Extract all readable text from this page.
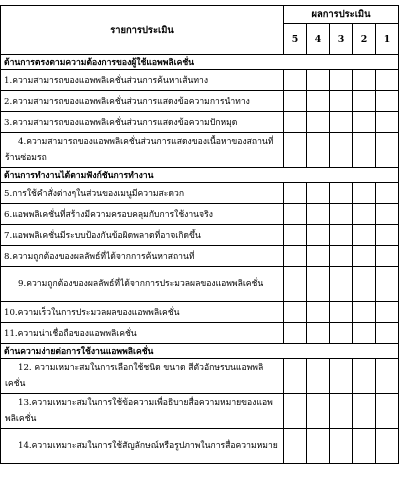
รายการประเมิน	ผลการประเมิน				
	5	4	3	2	1
ด้านการตรงตามความต้องการของผู้ใช้แอพพลิเคชั่น					
1.ความสามารถของแอพพลิเคชั่นส่วนการค้นหาเส้นทาง					
2.ความสามารถของแอพพลิเคชั่นส่วนการแสดงข้อความการนำทาง					
3.ความสามารถของแอพพลิเคชั่นส่วนการแสดงข้อความปักหมุด					
4.ความสามารถของแอพพลิเคชั่นส่วนการแสดงของเนื้อหาของสถานที่ร้านซ่อมรถ					
ด้านการทำงานได้ตามฟังก์ชันการทำงาน					
5.การใช้คำสั่งต่างๆในส่วนของเมนูมีความสะดวก					
6.แอพพลิเคชั่นที่สร้างมีความครอบคลุมกับการใช้งานจริง					
7.แอพพลิเคชั่นมีระบบป้องกันข้อผิดพลาดที่อาจเกิดขึ้น					
8.ความถูกต้องของผลลัพธ์ที่ได้จากการค้นหาสถานที่					
9.ความถูกต้องของผลลัพธ์ที่ได้จากการประมวลผลของแอพพลิเคชั่น					
10.ความเร็วในการประมวลผลของแอพพลิเคชั่น					
11.ความน่าเชื่อถือของแอพพลิเคชั่น					
ด้านความง่ายต่อการใช้งานแอพพลิเคชั่น					
12. ความเหมาะสมในการเลือกใช้ชนิด ขนาด สีตัวอักษรบนแอพพลิเคชั่น					
13.ความเหมาะสมในการใช้ข้อความเพื่อธิบายสื่อความหมายของแอพพลิเคชั่น					
14.ความเหมาะสมในการใช้สัญลักษณ์หรือรูปภาพในการสื่อความหมาย					
